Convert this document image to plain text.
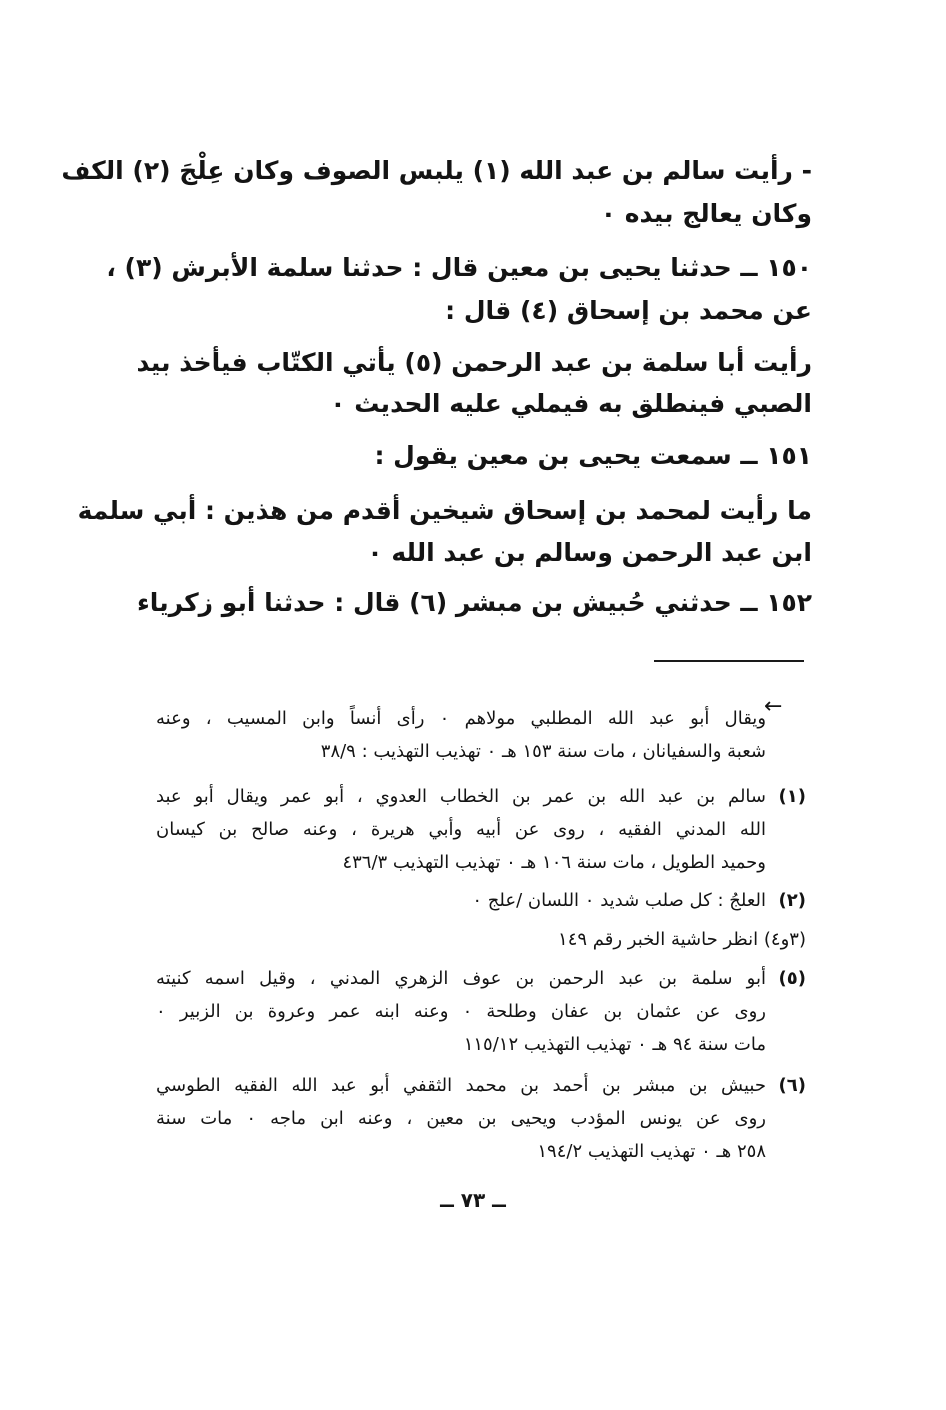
- رأيت سالم بن عبد الله (١) يلبس الصوف وكان عِلْجَ (٢) الكف
وكان يعالج بيده ٠
١٥٠ ــ حدثنا يحيى بن معين قال : حدثنا سلمة الأبرش (٣) ،
عن محمد بن إسحاق (٤) قال :
رأيت أبا سلمة بن عبد الرحمن (٥) يأتي الكتّاب فيأخذ بيد
الصبي فينطلق به فيملي عليه الحديث ٠
١٥١ ــ سمعت يحيى بن معين يقول :
ما رأيت لمحمد بن إسحاق شيخين أقدم من هذين : أبي سلمة
ابن عبد الرحمن وسالم بن عبد الله ٠
١٥٢ ــ حدثني حُبيش بن مبشر (٦) قال : حدثنا أبو زكرياء
←
ويقال أبو عبد الله المطلبي مولاهم ٠ رأى أنساً وابن المسيب ، وعنه
شعبة والسفيانان ، مات سنة ١٥٣ هـ ٠ تهذيب التهذيب : ٣٨/٩
(١)
سالم بن عبد الله بن عمر بن الخطاب العدوي ، أبو عمر ويقال أبو عبد
الله المدني الفقيه ، روى عن أبيه وأبي هريرة ، وعنه صالح بن كيسان
وحميد الطويل ، مات سنة ١٠٦ هـ ٠ تهذيب التهذيب ٤٣٦/٣
(٢)
العلجُ : كل صلب شديد ٠ اللسان /علج ٠
(٣و٤) انظر حاشية الخبر رقم ١٤٩
(٥)
أبو سلمة بن عبد الرحمن بن عوف الزهري المدني ، وقيل اسمه كنيته
روى عن عثمان بن عفان وطلحة ٠ وعنه ابنه عمر وعروة بن الزبير ٠
مات سنة ٩٤ هـ ٠ تهذيب التهذيب ١١٥/١٢
(٦)
حبيش بن مبشر بن أحمد بن محمد الثقفي أبو عبد الله الفقيه الطوسي
روى عن يونس المؤدب ويحيى بن معين ، وعنه ابن ماجه ٠ مات سنة
٢٥٨ هـ ٠ تهذيب التهذيب ١٩٤/٢
ــ ٧٣ ــ
